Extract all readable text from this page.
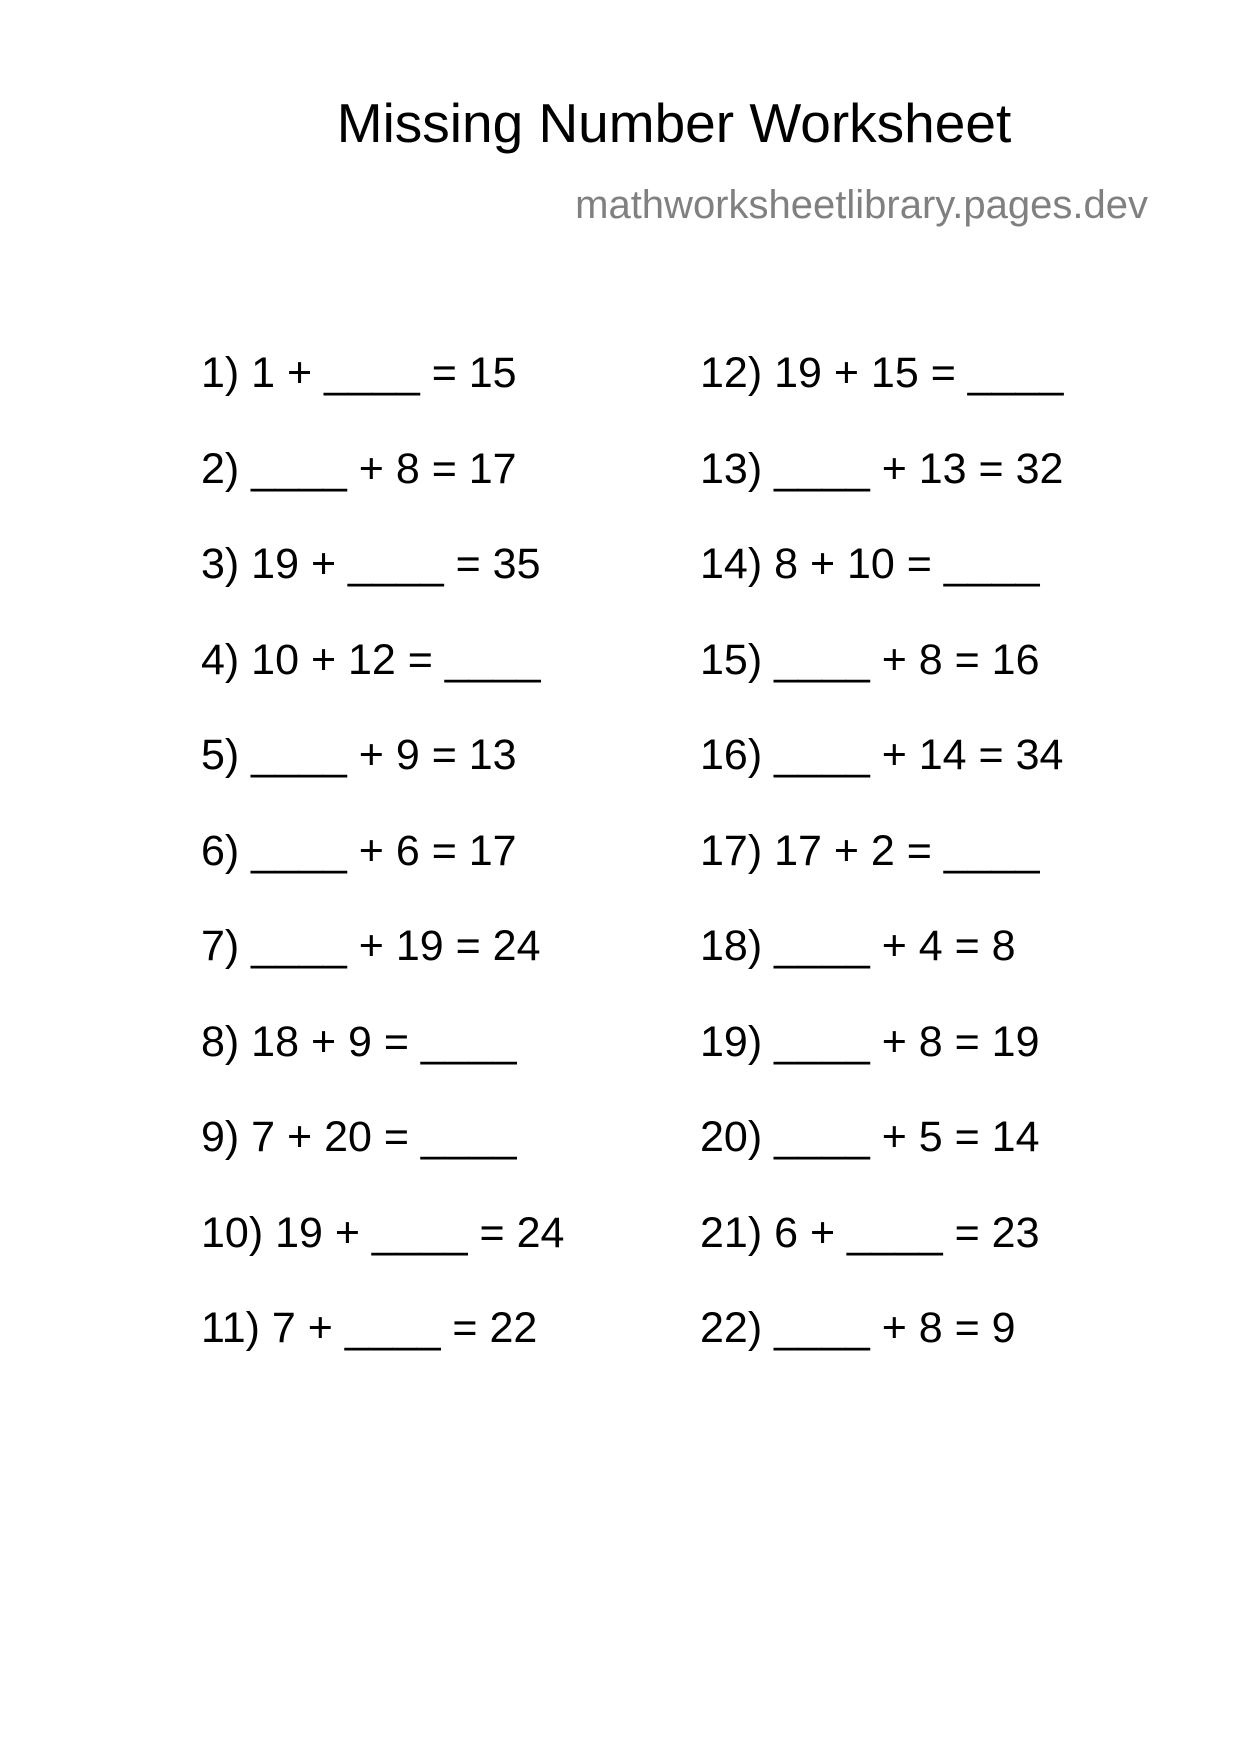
Missing Number Worksheet
mathworksheetlibrary.pages.dev
1) 1 + ____ = 15
2) ____ + 8 = 17
3) 19 + ____ = 35
4) 10 + 12 = ____
5) ____ + 9 = 13
6) ____ + 6 = 17
7) ____ + 19 = 24
8) 18 + 9 = ____
9) 7 + 20 = ____
10) 19 + ____ = 24
11) 7 + ____ = 22
12) 19 + 15 = ____
13) ____ + 13 = 32
14) 8 + 10 = ____
15) ____ + 8 = 16
16) ____ + 14 = 34
17) 17 + 2 = ____
18) ____ + 4 = 8
19) ____ + 8 = 19
20) ____ + 5 = 14
21) 6 + ____ = 23
22) ____ + 8 = 9
